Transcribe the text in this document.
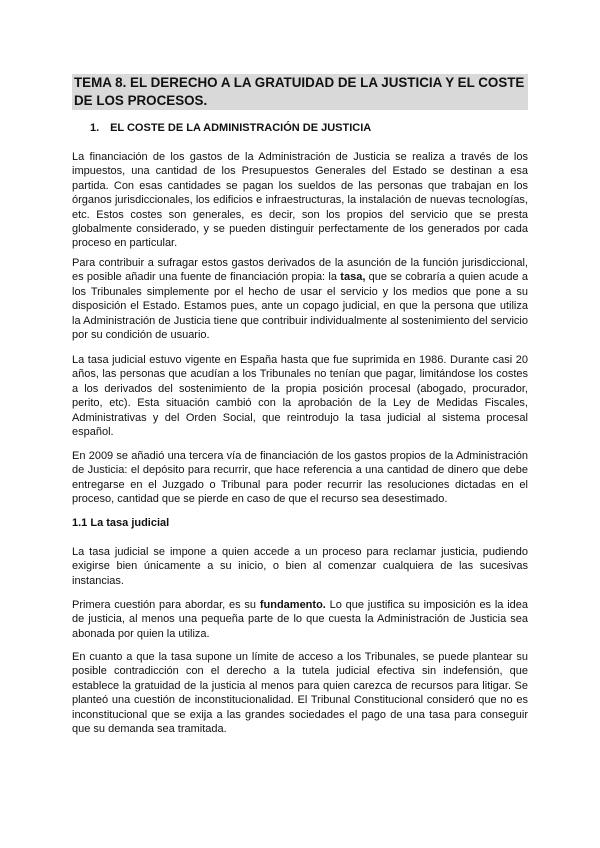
TEMA 8. EL DERECHO A LA GRATUIDAD DE LA JUSTICIA Y EL COSTE DE LOS PROCESOS.
1. EL COSTE DE LA ADMINISTRACIÓN DE JUSTICIA

La financiación de los gastos de la Administración de Justicia se realiza a través de los impuestos, una cantidad de los Presupuestos Generales del Estado se destinan a esa partida. Con esas cantidades se pagan los sueldos de las personas que trabajan en los órganos jurisdiccionales, los edificios e infraestructuras, la instalación de nuevas tecnologías, etc. Estos costes son generales, es decir, son los propios del servicio que se presta globalmente considerado, y se pueden distinguir perfectamente de los generados por cada proceso en particular.

Para contribuir a sufragar estos gastos derivados de la asunción de la función jurisdiccional, es posible añadir una fuente de financiación propia: la tasa, que se cobraría a quien acude a los Tribunales simplemente por el hecho de usar el servicio y los medios que pone a su disposición el Estado. Estamos pues, ante un copago judicial, en que la persona que utiliza la Administración de Justicia tiene que contribuir individualmente al sostenimiento del servicio por su condición de usuario.

La tasa judicial estuvo vigente en España hasta que fue suprimida en 1986. Durante casi 20 años, las personas que acudían a los Tribunales no tenían que pagar, limitándose los costes a los derivados del sostenimiento de la propia posición procesal (abogado, procurador, perito, etc). Esta situación cambió con la aprobación de la Ley de Medidas Fiscales, Administrativas y del Orden Social, que reintrodujo la tasa judicial al sistema procesal español.

En 2009 se añadió una tercera vía de financiación de los gastos propios de la Administración de Justicia: el depósito para recurrir, que hace referencia a una cantidad de dinero que debe entregarse en el Juzgado o Tribunal para poder recurrir las resoluciones dictadas en el proceso, cantidad que se pierde en caso de que el recurso sea desestimado.

1.1 La tasa judicial

La tasa judicial se impone a quien accede a un proceso para reclamar justicia, pudiendo exigirse bien únicamente a su inicio, o bien al comenzar cualquiera de las sucesivas instancias.

Primera cuestión para abordar, es su fundamento. Lo que justifica su imposición es la idea de justicia, al menos una pequeña parte de lo que cuesta la Administración de Justicia sea abonada por quien la utiliza.

En cuanto a que la tasa supone un límite de acceso a los Tribunales, se puede plantear su posible contradicción con el derecho a la tutela judicial efectiva sin indefensión, que establece la gratuidad de la justicia al menos para quien carezca de recursos para litigar. Se planteó una cuestión de inconstitucionalidad. El Tribunal Constitucional consideró que no es inconstitucional que se exija a las grandes sociedades el pago de una tasa para conseguir que su demanda sea tramitada.
